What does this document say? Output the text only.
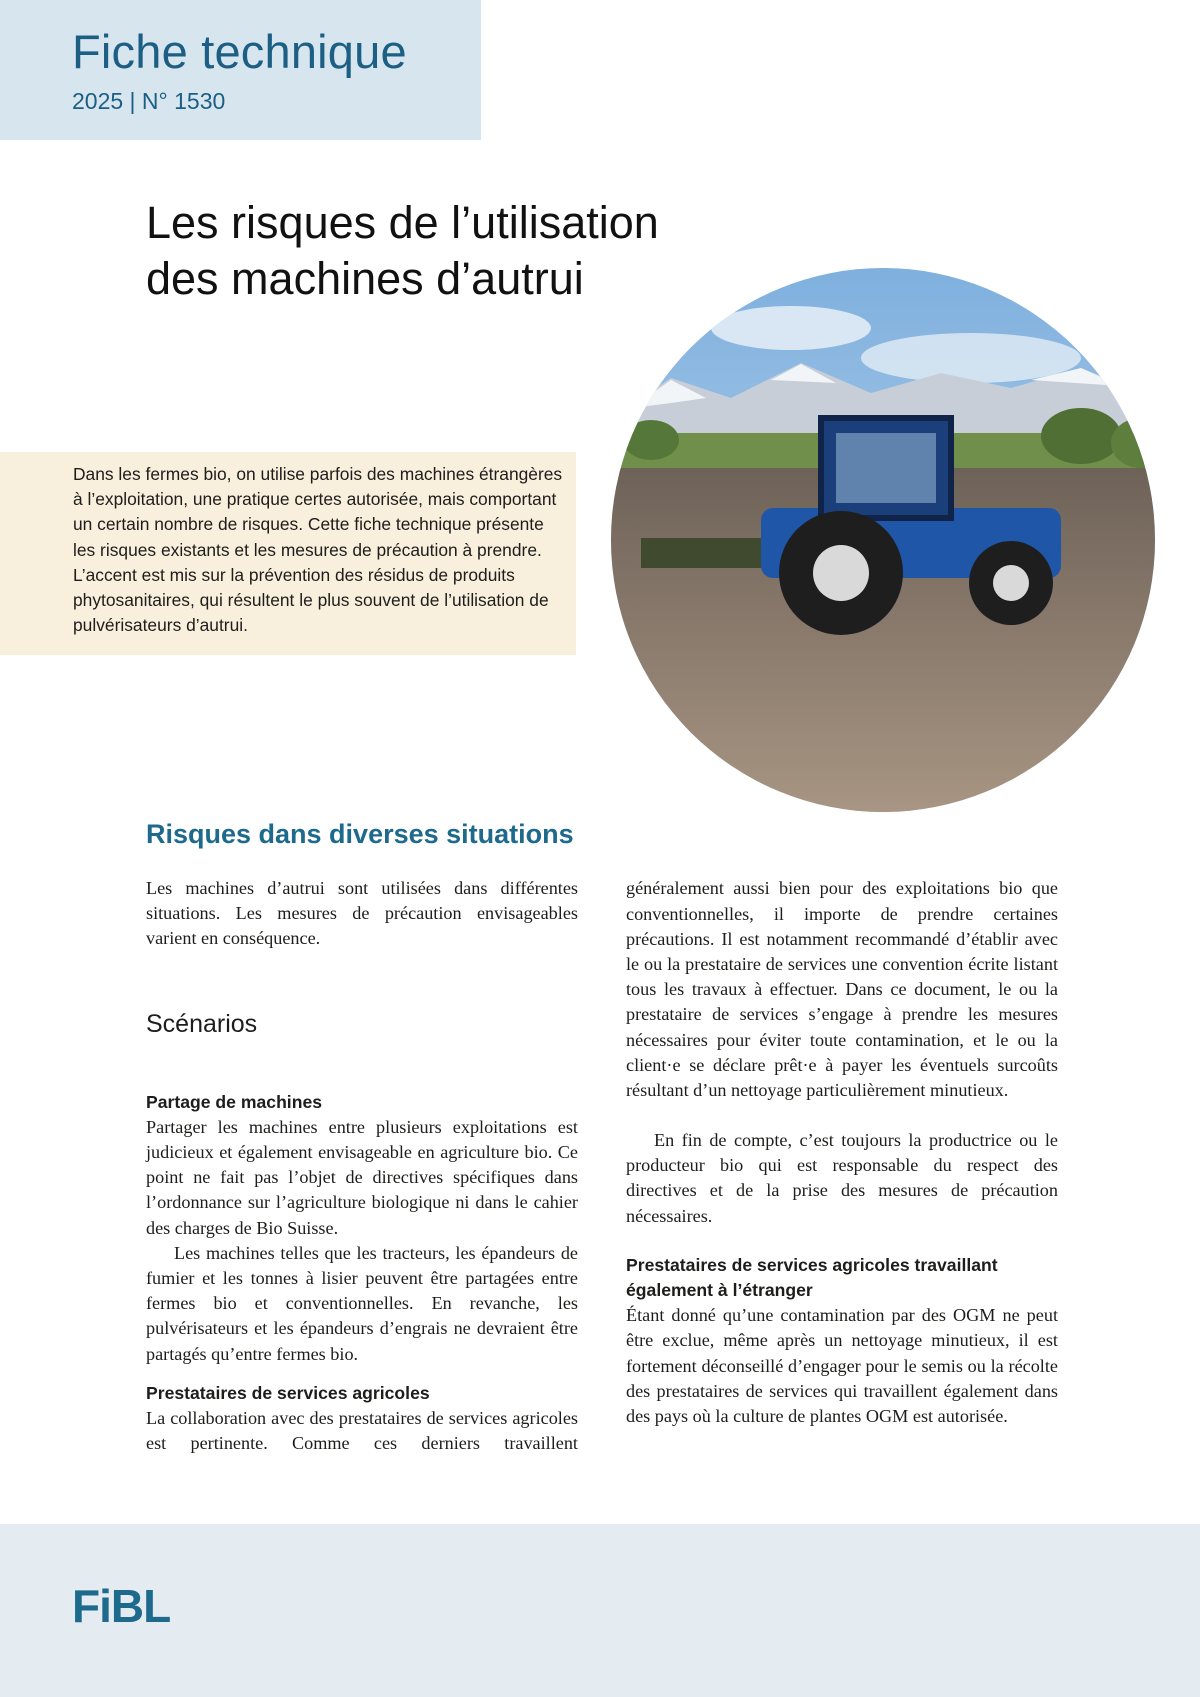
Fiche technique
2025 | N° 1530
Les risques de l’utilisation
des machines d’autrui
Dans les fermes bio, on utilise parfois des machines étrangères à l’exploitation, une pratique certes autorisée, mais comportant un certain nombre de risques. Cette fiche technique présente les risques existants et les mesures de précaution à prendre. L’accent est mis sur la prévention des résidus de produits phytosanitaires, qui résultent le plus souvent de l’utilisation de pulvérisateurs d’autrui.
Risques dans diverses situations

Les machines d’autrui sont utilisées dans différentes situations. Les mesures de précaution envisageables varient en conséquence.

Scénarios

Partage de machines

Partager les machines entre plusieurs exploitations est judicieux et également envisageable en agriculture bio. Ce point ne fait pas l’objet de directives spécifiques dans l’ordonnance sur l’agriculture biologique ni dans le cahier des charges de Bio Suisse.

Les machines telles que les tracteurs, les épandeurs de fumier et les tonnes à lisier peuvent être partagées entre fermes bio et conventionnelles. En revanche, les pulvérisateurs et les épandeurs d’engrais ne devraient être partagés qu’entre fermes bio.

Prestataires de services agricoles

La collaboration avec des prestataires de services agricoles est pertinente. Comme ces derniers travaillent

généralement aussi bien pour des exploitations bio que conventionnelles, il importe de prendre certaines précautions. Il est notamment recommandé d’établir avec le ou la prestataire de services une convention écrite listant tous les travaux à effectuer. Dans ce document, le ou la prestataire de services s’engage à prendre les mesures nécessaires pour éviter toute contamination, et le ou la client·e se déclare prêt·e à payer les éventuels surcoûts résultant d’un nettoyage particulièrement minutieux.

En fin de compte, c’est toujours la productrice ou le producteur bio qui est responsable du respect des directives et de la prise des mesures de précaution nécessaires.

Prestataires de services agricoles travaillant également à l’étranger

Étant donné qu’une contamination par des OGM ne peut être exclue, même après un nettoyage minutieux, il est fortement déconseillé d’engager pour le semis ou la récolte des prestataires de services qui travaillent également dans des pays où la culture de plantes OGM est autorisée.

FiBL
